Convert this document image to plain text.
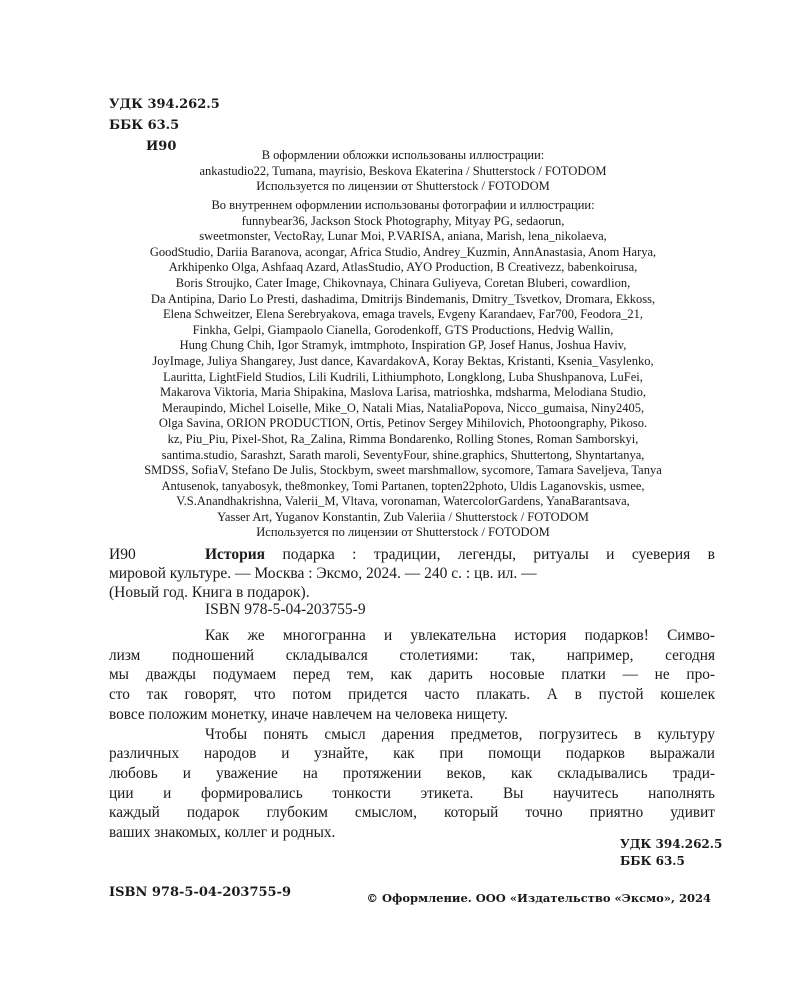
УДК 394.262.5
ББК 63.5
И90
В оформлении обложки использованы иллюстрации:
ankastudio22, Tumana, mayrisio, Beskova Ekaterina / Shutterstock / FOTODOM
Используется по лицензии от Shutterstock / FOTODOM
Во внутреннем оформлении использованы фотографии и иллюстрации:
funnybear36, Jackson Stock Photography, Mityay PG, sedaorun,
sweetmonster, VectoRay, Lunar Moi, P.VARISA, aniana, Marish, lena_nikolaeva,
GoodStudio, Dariia Baranova, acongar, Africa Studio, Andrey_Kuzmin, AnnAnastasia, Anom Harya,
Arkhipenko Olga, Ashfaaq Azard, AtlasStudio, AYO Production, B Creativezz, babenkoirusa,
Boris Stroujko, Cater Image, Chikovnaya, Chinara Guliyeva, Coretan Bluberi, cowardlion,
Da Antipina, Dario Lo Presti, dashadima, Dmitrijs Bindemanis, Dmitry_Tsvetkov, Dromara, Ekkoss,
Elena Schweitzer, Elena Serebryakova, emaga travels, Evgeny Karandaev, Far700, Feodora_21,
Finkha, Gelpi, Giampaolo Cianella, Gorodenkoff, GTS Productions, Hedvig Wallin,
Hung Chung Chih, Igor Stramyk, imtmphoto, Inspiration GP, Josef Hanus, Joshua Haviv,
JoyImage, Juliya Shangarey, Just dance, KavardakovA, Koray Bektas, Kristanti, Ksenia_Vasylenko,
Lauritta, LightField Studios, Lili Kudrili, Lithiumphoto, Longklong, Luba Shushpanova, LuFei,
Makarova Viktoria, Maria Shipakina, Maslova Larisa, matrioshka, mdsharma, Melodiana Studio,
Meraupindo, Michel Loiselle, Mike_O, Natali Mias, NataliaPopova, Nicco_gumaisa, Niny2405,
Olga Savina, ORION PRODUCTION, Ortis, Petinov Sergey Mihilovich, Photoongraphy, Pikoso.
kz, Piu_Piu, Pixel-Shot, Ra_Zalina, Rimma Bondarenko, Rolling Stones, Roman Samborskyi,
santima.studio, Sarashzt, Sarath maroli, SeventyFour, shine.graphics, Shuttertong, Shyntartanya,
SMDSS, SofiaV, Stefano De Julis, Stockbym, sweet marshmallow, sycomore, Tamara Saveljeva, Tanya
Antusenok, tanyabosyk, the8monkey, Tomi Partanen, topten22photo, Uldis Laganovskis, usmee,
V.S.Anandhakrishna, Valerii_M, Vltava, voronaman, WatercolorGardens, YanaBarantsava,
Yasser Art, Yuganov Konstantin, Zub Valeriia / Shutterstock / FOTODOM
Используется по лицензии от Shutterstock / FOTODOM
И90	История подарка : традиции, легенды, ритуалы и суеверия в
мировой культуре. — Москва : Эксмо, 2024. — 240 с. : цв. ил. —
(Новый год. Книга в подарок).
ISBN 978-5-04-203755-9
Как же многогранна и увлекательна история подарков! Симво-
лизм подношений складывался столетиями: так, например, сегодня
мы дважды подумаем перед тем, как дарить носовые платки — не про-
сто так говорят, что потом придется часто плакать. А в пустой кошелек
вовсе положим монетку, иначе навлечем на человека нищету.
Чтобы понять смысл дарения предметов, погрузитесь в культуру
различных народов и узнайте, как при помощи подарков выражали
любовь и уважение на протяжении веков, как складывались тради-
ции и формировались тонкости этикета. Вы научитесь наполнять
каждый подарок глубоким смыслом, который точно приятно удивит
ваших знакомых, коллег и родных.
УДК 394.262.5
ББК 63.5
ISBN 978-5-04-203755-9	© Оформление. ООО «Издательство «Эксмо», 2024
